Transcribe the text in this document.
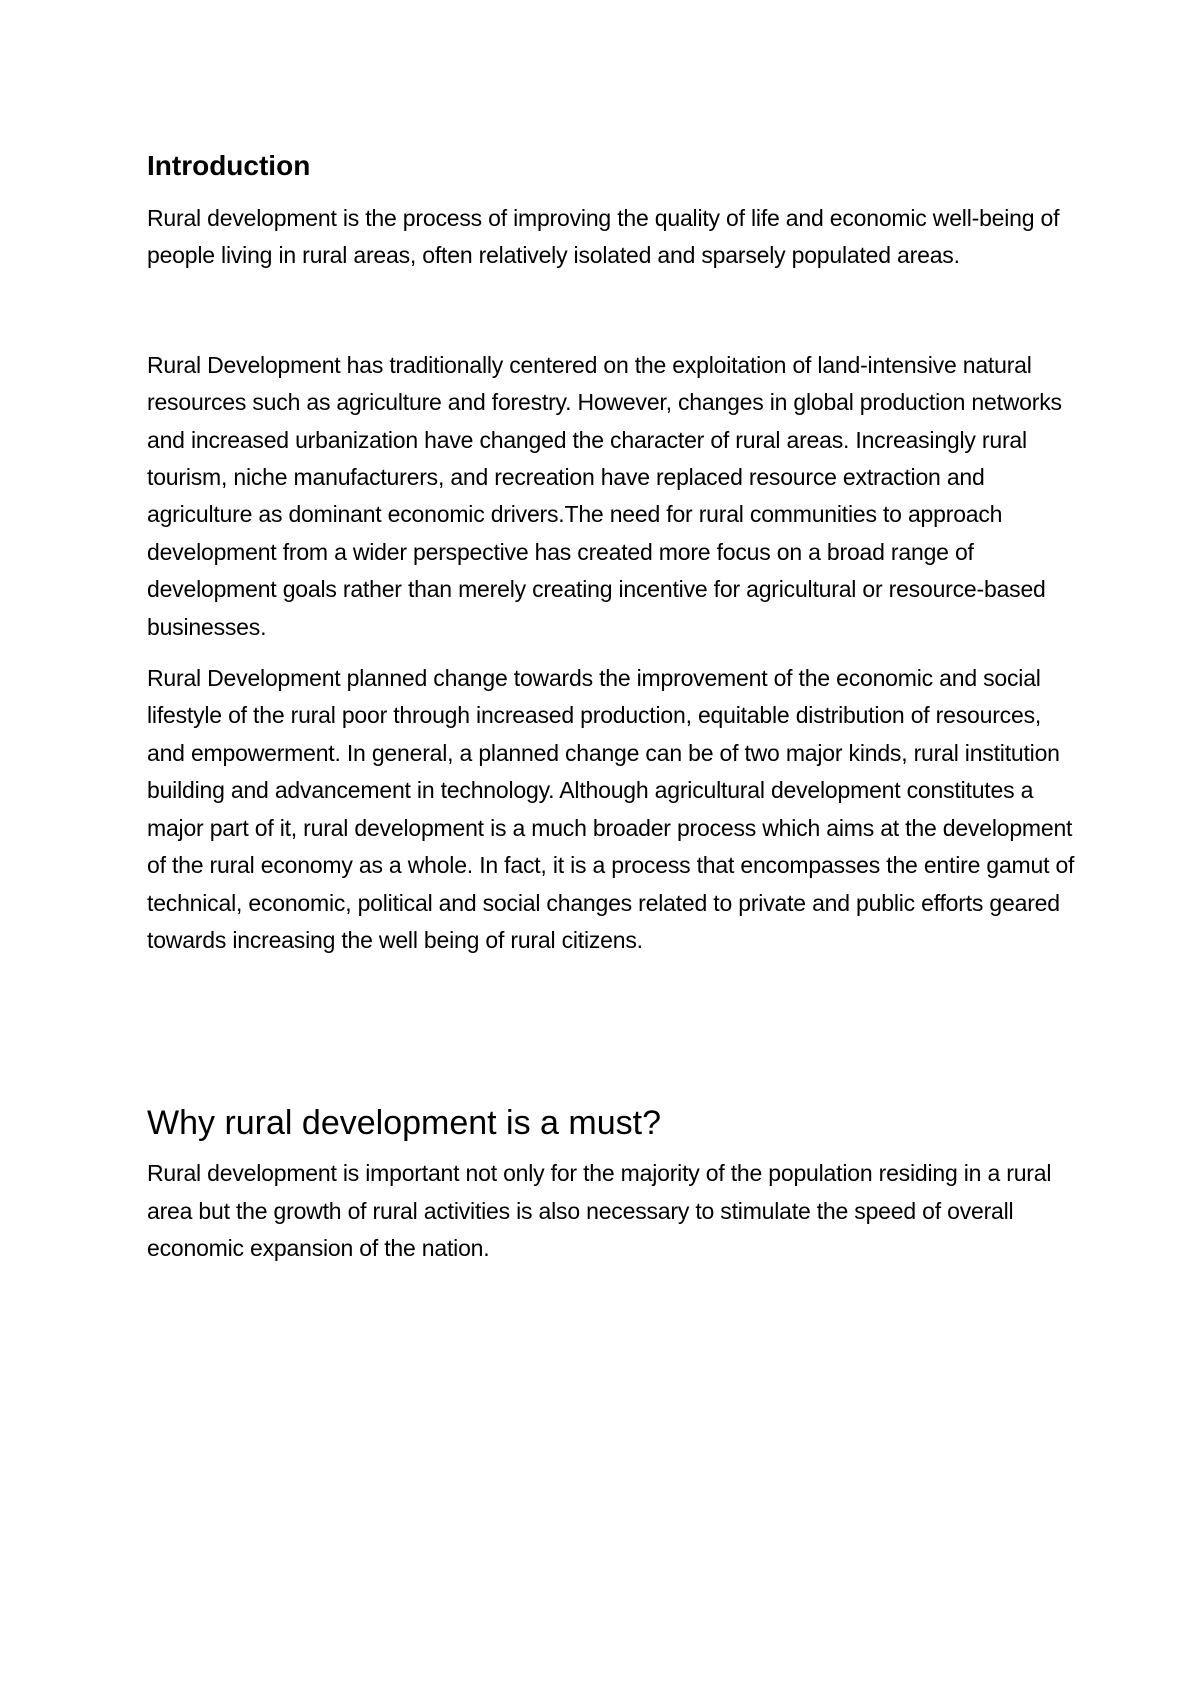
Introduction

Rural development is the process of improving the quality of life and economic well-being of people living in rural areas, often relatively isolated and sparsely populated areas.

Rural Development has traditionally centered on the exploitation of land-intensive natural resources such as agriculture and forestry. However, changes in global production networks and increased urbanization have changed the character of rural areas. Increasingly rural tourism, niche manufacturers, and recreation have replaced resource extraction and agriculture as dominant economic drivers.The need for rural communities to approach development from a wider perspective has created more focus on a broad range of development goals rather than merely creating incentive for agricultural or resource-based businesses.

Rural Development planned change towards the improvement of the economic and social lifestyle of the rural poor through increased production, equitable distribution of resources, and empowerment. In general, a planned change can be of two major kinds, rural institution building and advancement in technology. Although agricultural development constitutes a major part of it, rural development is a much broader process which aims at the development of the rural economy as a whole. In fact, it is a process that encompasses the entire gamut of technical, economic, political and social changes related to private and public efforts geared towards increasing the well being of rural citizens.

Why rural development is a must?

Rural development is important not only for the majority of the population residing in a rural area but the growth of rural activities is also necessary to stimulate the speed of overall economic expansion of the nation.
